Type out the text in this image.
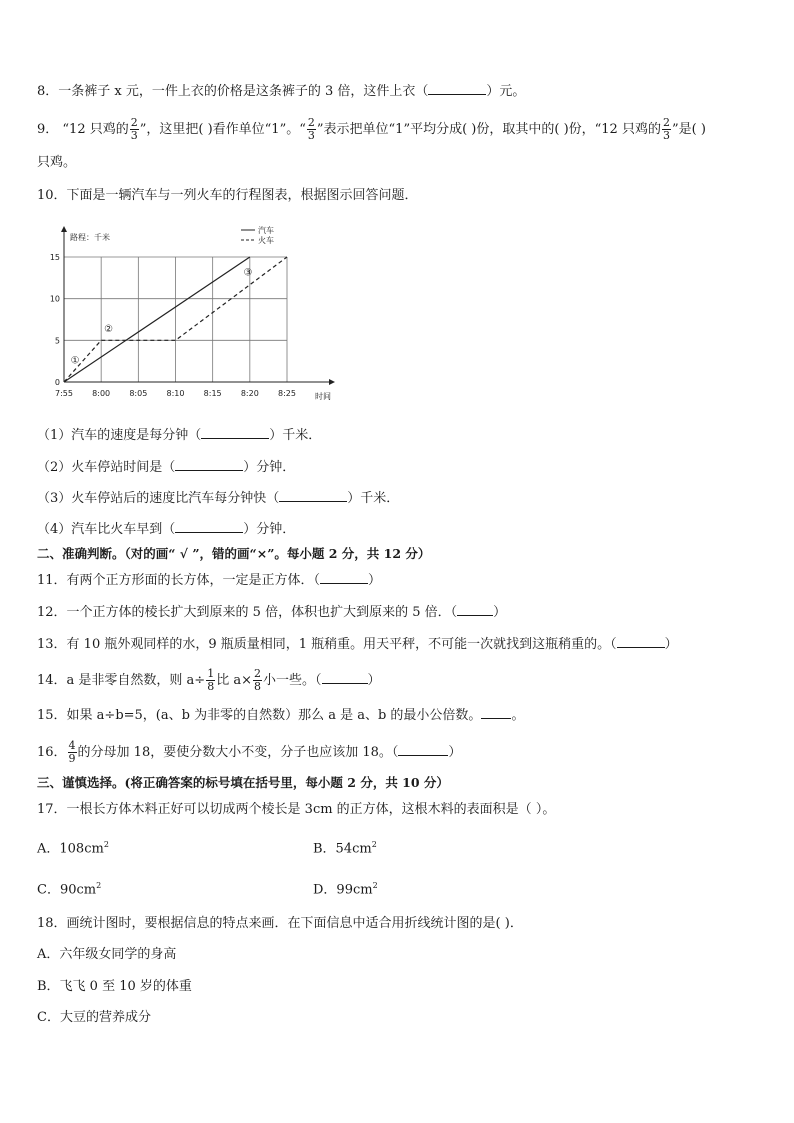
8．一条裤子 x 元，一件上衣的价格是这条裤子的 3 倍，这件上衣（	）元。
9． “12 只鸡的 $\frac{2}{3}$ ”，这里把( )看作单位“1”。“ $\frac{2}{3}$ ”表示把单位“1”平均分成( )份，取其中的( )份，“12 只鸡的 $\frac{2}{3}$ ”是( )
只鸡。
10．下面是一辆汽车与一列火车的行程图表，根据图示回答问题．
7:55 8:00 8:05 8:10 8:15 8:20 8:25
0
5
10
15
路程：千米
时间
汽车
火车
①
②
③
（1）汽车的速度是每分钟（	）千米．
（2）火车停站时间是（	）分钟．
（3）火车停站后的速度比汽车每分钟快（	）千米．
（4）汽车比火车早到（	）分钟．
二、准确判断。（对的画“ √ ”，错的画“×”。每小题 2 分，共 12 分）
11．有两个正方形面的长方体，一定是正方体．（	）
12．一个正方体的棱长扩大到原来的 5 倍，体积也扩大到原来的 5 倍．（	）
13．有 10 瓶外观同样的水，9 瓶质量相同，1 瓶稍重。用天平秤，不可能一次就找到这瓶稍重的。（	）
14．a 是非零自然数，则 $a\div \frac{1}{8}$ 比 $a\times \frac{2}{8}$ 小一些。（	）
15．如果 a÷b=5，(a、b 为非零的自然数）那么 a 是 a、b 的最小公倍数。 。
16． $\frac{4}{9}$ 的分母加 18，要使分数大小不变，分子也应该加 18。（	）
三、谨慎选择。(将正确答案的标号填在括号里，每小题 2 分，共 10 分）
17．一根长方体木料正好可以切成两个棱长是 3cm 的正方体，这根木料的表面积是（ ）。
A．$108cm^2$	B．$54cm^2$
C．$90cm^2$	D．$99cm^2$
18．画统计图时，要根据信息的特点来画．在下面信息中适合用折线统计图的是( )．
A．六年级女同学的身高
B．飞飞 0 至 10 岁的体重
C．大豆的营养成分
